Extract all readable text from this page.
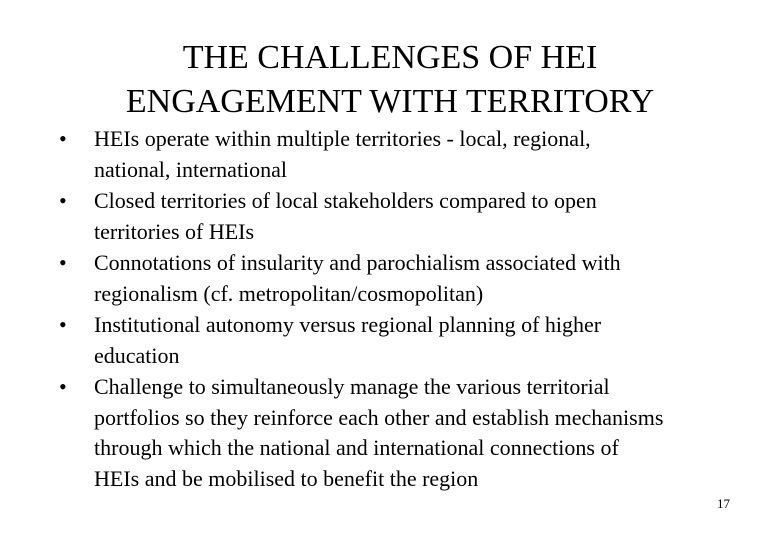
THE CHALLENGES OF HEI
ENGAGEMENT WITH TERRITORY
•	HEIs operate within multiple territories - local, regional,
national, international
•	Closed territories of local stakeholders compared to open
territories of HEIs
•	Connotations of insularity and parochialism associated with
regionalism (cf. metropolitan/cosmopolitan)
•	Institutional autonomy versus regional planning of higher
education
•	Challenge to simultaneously manage the various territorial
portfolios so they reinforce each other and establish mechanisms
through which the national and international connections of
HEIs and be mobilised to benefit the region
17
